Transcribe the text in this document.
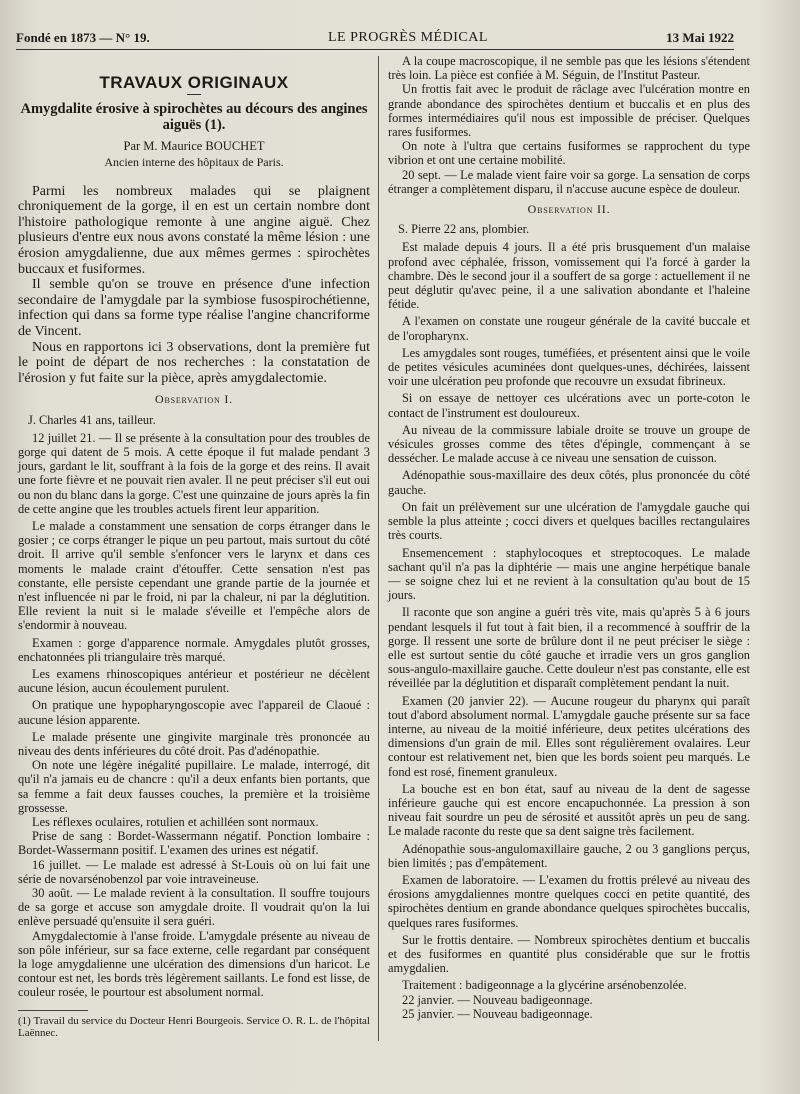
Fondé en 1873 — N° 19.	LE PROGRÈS MÉDICAL	13 Mai 1922
TRAVAUX ORIGINAUX
Amygdalite érosive à spirochètes au décours des angines aiguës (1).
Par M. Maurice BOUCHET
Ancien interne des hôpitaux de Paris.

Parmi les nombreux malades qui se plaignent chroniquement de la gorge, il en est un certain nombre dont l'histoire pathologique remonte à une angine aiguë. Chez plusieurs d'entre eux nous avons constaté la même lésion : une érosion amygdalienne, due aux mêmes germes : spirochètes buccaux et fusiformes.

Il semble qu'on se trouve en présence d'une infection secondaire de l'amygdale par la symbiose fusospirochétienne, infection qui dans sa forme type réalise l'angine chancriforme de Vincent.

Nous en rapportons ici 3 observations, dont la première fut le point de départ de nos recherches : la constatation de l'érosion y fut faite sur la pièce, après amygdalectomie.

Observation I.

J. Charles 41 ans, tailleur.

12 juillet 21. — Il se présente à la consultation pour des troubles de gorge qui datent de 5 mois. A cette époque il fut malade pendant 3 jours, gardant le lit, souffrant à la fois de la gorge et des reins. Il avait une forte fièvre et ne pouvait rien avaler. Il ne peut préciser s'il eut oui ou non du blanc dans la gorge. C'est une quinzaine de jours après la fin de cette angine que les troubles actuels firent leur apparition.

Le malade a constamment une sensation de corps étranger dans le gosier ; ce corps étranger le pique un peu partout, mais surtout du côté droit. Il arrive qu'il semble s'enfoncer vers le larynx et dans ces moments le malade craint d'étouffer. Cette sensation n'est pas constante, elle persiste cependant une grande partie de la journée et n'est influencée ni par le froid, ni par la chaleur, ni par la déglutition. Elle revient la nuit si le malade s'éveille et l'empêche alors de s'endormir à nouveau.

Examen : gorge d'apparence normale. Amygdales plutôt grosses, enchatonnées pli triangulaire très marqué.

Les examens rhinoscopiques antérieur et postérieur ne décèlent aucune lésion, aucun écoulement purulent.

On pratique une hypopharyngoscopie avec l'appareil de Claoué : aucune lésion apparente.

Le malade présente une gingivite marginale très prononcée au niveau des dents inférieures du côté droit. Pas d'adénopathie.

On note une légère inégalité pupillaire. Le malade, interrogé, dit qu'il n'a jamais eu de chancre : qu'il a deux enfants bien portants, que sa femme a fait deux fausses couches, la première et la troisième grossesse.

Les réflexes oculaires, rotulien et achilléen sont normaux.

Prise de sang : Bordet-Wassermann négatif. Ponction lombaire : Bordet-Wassermann positif. L'examen des urines est négatif.

16 juillet. — Le malade est adressé à St-Louis où on lui fait une série de novarsénobenzol par voie intraveineuse.

30 août. — Le malade revient à la consultation. Il souffre toujours de sa gorge et accuse son amygdale droite. Il voudrait qu'on la lui enlève persuadé qu'ensuite il sera guéri.

Amygdalectomie à l'anse froide. L'amygdale présente au niveau de son pôle inférieur, sur sa face externe, celle regardant par conséquent la loge amygdalienne une ulcération des dimensions d'un haricot. Le contour est net, les bords très légèrement saillants. Le fond est lisse, de couleur rosée, le pourtour est absolument normal.

(1) Travail du service du Docteur Henri Bourgeois. Service O. R. L. de l'hôpital Laënnec.

A la coupe macroscopique, il ne semble pas que les lésions s'étendent très loin. La pièce est confiée à M. Séguin, de l'Institut Pasteur.

Un frottis fait avec le produit de râclage avec l'ulcération montre en grande abondance des spirochètes dentium et buccalis et en plus des formes intermédiaires qu'il nous est impossible de préciser. Quelques rares fusiformes.

On note à l'ultra que certains fusiformes se rapprochent du type vibrion et ont une certaine mobilité.

20 sept. — Le malade vient faire voir sa gorge. La sensation de corps étranger a complètement disparu, il n'accuse aucune espèce de douleur.

Observation II.

S. Pierre 22 ans, plombier.

Est malade depuis 4 jours. Il a été pris brusquement d'un malaise profond avec céphalée, frisson, vomissement qui l'a forcé à garder la chambre. Dès le second jour il a souffert de sa gorge : actuellement il ne peut déglutir qu'avec peine, il a une salivation abondante et l'haleine fétide.

A l'examen on constate une rougeur générale de la cavité buccale et de l'oropharynx.

Les amygdales sont rouges, tuméfiées, et présentent ainsi que le voile de petites vésicules acuminées dont quelques-unes, déchirées, laissent voir une ulcération peu profonde que recouvre un exsudat fibrineux.

Si on essaye de nettoyer ces ulcérations avec un porte-coton le contact de l'instrument est douloureux.

Au niveau de la commissure labiale droite se trouve un groupe de vésicules grosses comme des têtes d'épingle, commençant à se dessécher. Le malade accuse à ce niveau une sensation de cuisson.

Adénopathie sous-maxillaire des deux côtés, plus prononcée du côté gauche.

On fait un prélèvement sur une ulcération de l'amygdale gauche qui semble la plus atteinte ; cocci divers et quelques bacilles rectangulaires très courts.

Ensemencement : staphylocoques et streptocoques. Le malade sachant qu'il n'a pas la diphtérie — mais une angine herpétique banale — se soigne chez lui et ne revient à la consultation qu'au bout de 15 jours.

Il raconte que son angine a guéri très vite, mais qu'après 5 à 6 jours pendant lesquels il fut tout à fait bien, il a recommencé à souffrir de la gorge. Il ressent une sorte de brûlure dont il ne peut préciser le siège : elle est surtout sentie du côté gauche et irradie vers un gros ganglion sous-angulo-maxillaire gauche. Cette douleur n'est pas constante, elle est réveillée par la déglutition et disparaît complètement pendant la nuit.

Examen (20 janvier 22). — Aucune rougeur du pharynx qui paraît tout d'abord absolument normal. L'amygdale gauche présente sur sa face interne, au niveau de la moitié inférieure, deux petites ulcérations des dimensions d'un grain de mil. Elles sont régulièrement ovalaires. Leur contour est relativement net, bien que les bords soient peu marqués. Le fond est rosé, finement granuleux.

La bouche est en bon état, sauf au niveau de la dent de sagesse inférieure gauche qui est encore encapuchonnée. La pression à son niveau fait sourdre un peu de sérosité et aussitôt après un peu de sang. Le malade raconte du reste que sa dent saigne très facilement.

Adénopathie sous-angulomaxillaire gauche, 2 ou 3 ganglions perçus, bien limités ; pas d'empâtement.

Examen de laboratoire. — L'examen du frottis prélevé au niveau des érosions amygdaliennes montre quelques cocci en petite quantité, des spirochètes dentium en grande abondance quelques spirochètes buccalis, quelques rares fusiformes.

Sur le frottis dentaire. — Nombreux spirochètes dentium et buccalis et des fusiformes en quantité plus considérable que sur le frottis amygdalien.

Traitement : badigeonnage a la glycérine arsénobenzolée.

22 janvier. — Nouveau badigeonnage.

25 janvier. — Nouveau badigeonnage.
